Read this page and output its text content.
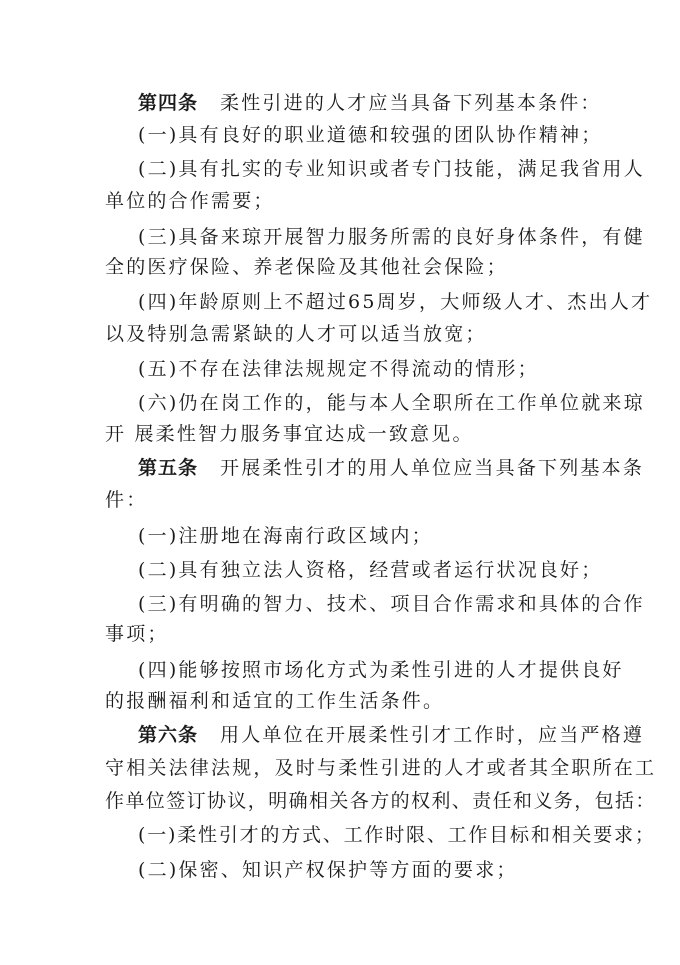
第四条 柔性引进的人才应当具备下列基本条件：
(一)具有良好的职业道德和较强的团队协作精神；
(二)具有扎实的专业知识或者专门技能，满足我省用人
单位的合作需要；
(三)具备来琼开展智力服务所需的良好身体条件，有健
全的医疗保险、养老保险及其他社会保险；
(四)年龄原则上不超过65周岁，大师级人才、杰出人才
以及特别急需紧缺的人才可以适当放宽；
(五)不存在法律法规规定不得流动的情形；
(六)仍在岗工作的，能与本人全职所在工作单位就来琼
开 展柔性智力服务事宜达成一致意见。
第五条 开展柔性引才的用人单位应当具备下列基本条
件：
(一)注册地在海南行政区域内；
(二)具有独立法人资格，经营或者运行状况良好；
(三)有明确的智力、技术、项目合作需求和具体的合作
事项；
(四)能够按照市场化方式为柔性引进的人才提供良好
的报酬福利和适宜的工作生活条件。
第六条 用人单位在开展柔性引才工作时，应当严格遵
守相关法律法规，及时与柔性引进的人才或者其全职所在工
作单位签订协议，明确相关各方的权利、责任和义务，包括：
(一)柔性引才的方式、工作时限、工作目标和相关要求；
(二)保密、知识产权保护等方面的要求；
